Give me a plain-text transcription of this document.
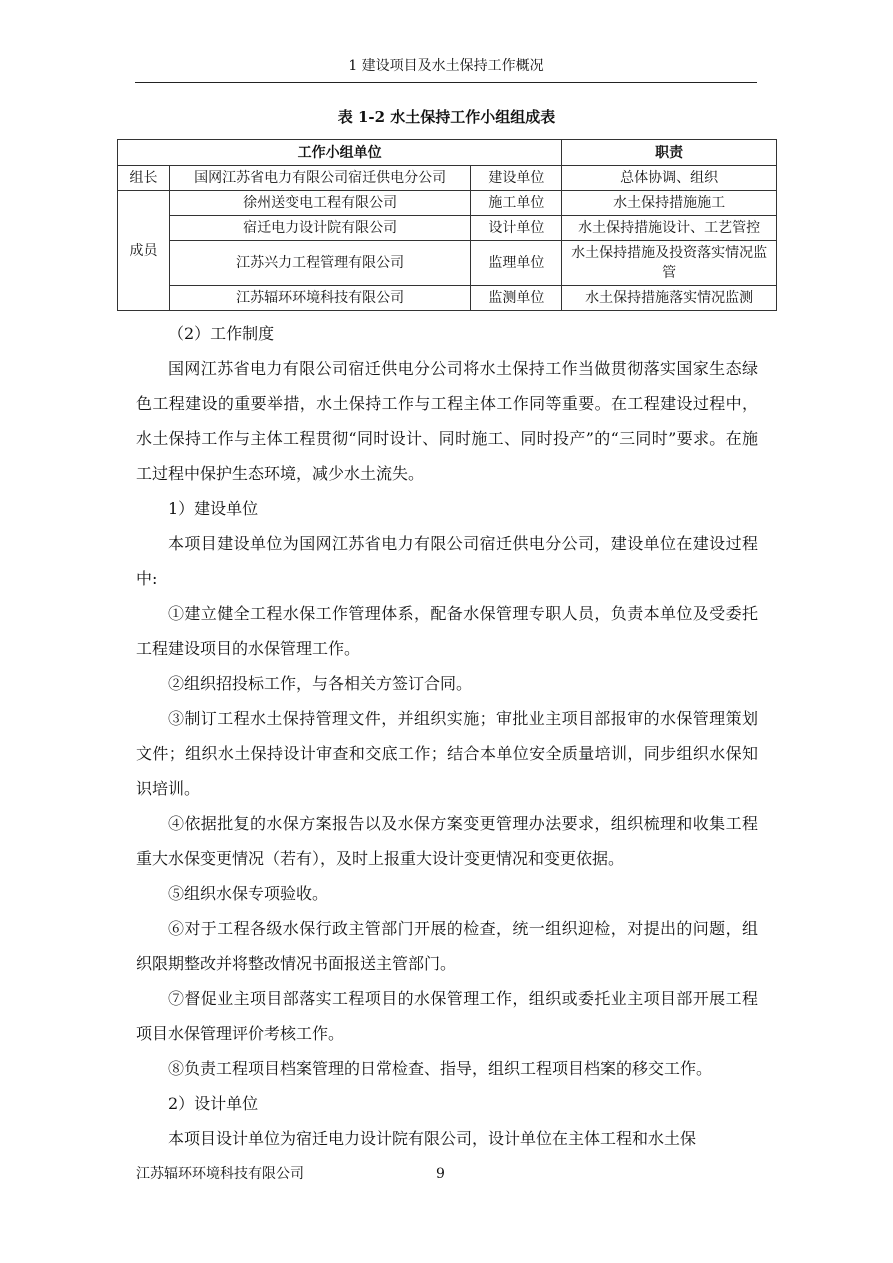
1 建设项目及水土保持工作概况
表 1-2 水土保持工作小组组成表
工作小组单位			职责
组长	国网江苏省电力有限公司宿迁供电分公司	建设单位	总体协调、组织
成员	徐州送变电工程有限公司	施工单位	水土保持措施施工
	宿迁电力设计院有限公司	设计单位	水土保持措施设计、工艺管控
	江苏兴力工程管理有限公司	监理单位	水土保持措施及投资落实情况监管
	江苏辐环环境科技有限公司	监测单位	水土保持措施落实情况监测

（2）工作制度

国网江苏省电力有限公司宿迁供电分公司将水土保持工作当做贯彻落实国家生态绿色工程建设的重要举措，水土保持工作与工程主体工作同等重要。在工程建设过程中，水土保持工作与主体工程贯彻“同时设计、同时施工、同时投产”的“三同时”要求。在施工过程中保护生态环境，减少水土流失。

1）建设单位

本项目建设单位为国网江苏省电力有限公司宿迁供电分公司，建设单位在建设过程中:

①建立健全工程水保工作管理体系，配备水保管理专职人员，负责本单位及受委托工程建设项目的水保管理工作。

②组织招投标工作，与各相关方签订合同。

③制订工程水土保持管理文件，并组织实施；审批业主项目部报审的水保管理策划文件；组织水土保持设计审查和交底工作；结合本单位安全质量培训，同步组织水保知识培训。

④依据批复的水保方案报告以及水保方案变更管理办法要求，组织梳理和收集工程重大水保变更情况（若有），及时上报重大设计变更情况和变更依据。

⑤组织水保专项验收。

⑥对于工程各级水保行政主管部门开展的检查，统一组织迎检，对提出的问题，组织限期整改并将整改情况书面报送主管部门。

⑦督促业主项目部落实工程项目的水保管理工作，组织或委托业主项目部开展工程项目水保管理评价考核工作。

⑧负责工程项目档案管理的日常检查、指导，组织工程项目档案的移交工作。

2）设计单位

本项目设计单位为宿迁电力设计院有限公司，设计单位在主体工程和水土保

江苏辐环环境科技有限公司	9
